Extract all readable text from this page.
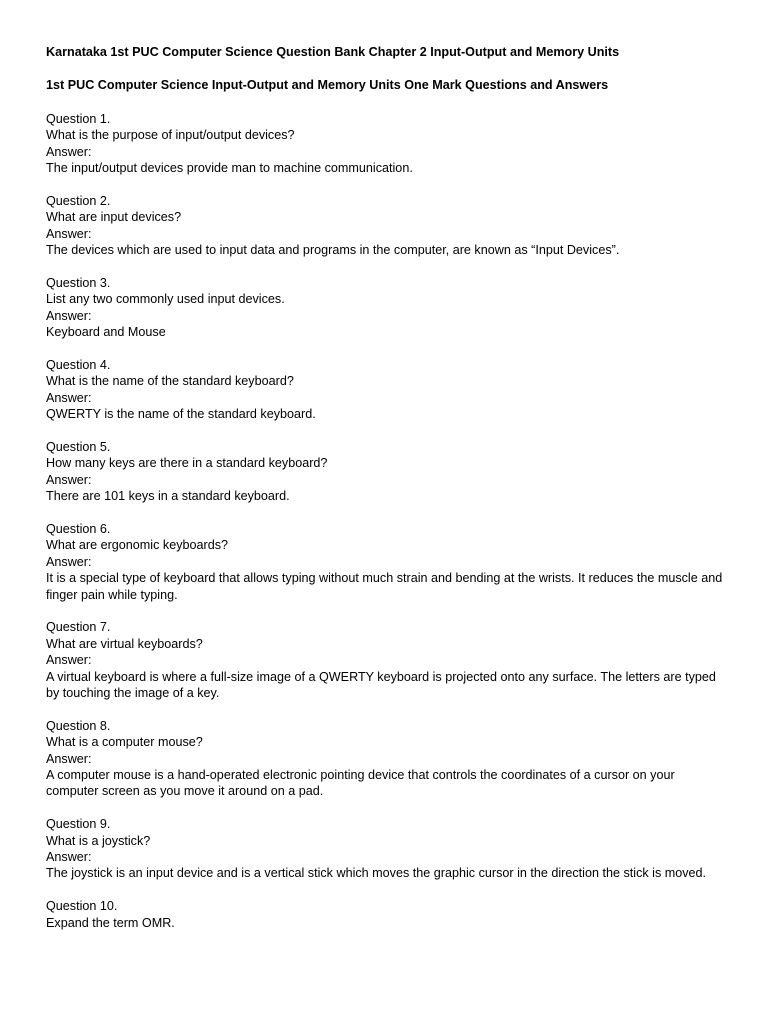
Karnataka 1st PUC Computer Science Question Bank Chapter 2 Input-Output and Memory Units
1st PUC Computer Science Input-Output and Memory Units One Mark Questions and Answers
Question 1.
What is the purpose of input/output devices?
Answer:
The input/output devices provide man to machine communication.
Question 2.
What are input devices?
Answer:
The devices which are used to input data and programs in the computer, are known as “Input Devices”.
Question 3.
List any two commonly used input devices.
Answer:
Keyboard and Mouse
Question 4.
What is the name of the standard keyboard?
Answer:
QWERTY is the name of the standard keyboard.
Question 5.
How many keys are there in a standard keyboard?
Answer:
There are 101 keys in a standard keyboard.
Question 6.
What are ergonomic keyboards?
Answer:
It is a special type of keyboard that allows typing without much strain and bending at the wrists. It reduces the muscle and finger pain while typing.
Question 7.
What are virtual keyboards?
Answer:
A virtual keyboard is where a full-size image of a QWERTY keyboard is projected onto any surface. The letters are typed by touching the image of a key.
Question 8.
What is a computer mouse?
Answer:
A computer mouse is a hand-operated electronic pointing device that controls the coordinates of a cursor on your computer screen as you move it around on a pad.
Question 9.
What is a joystick?
Answer:
The joystick is an input device and is a vertical stick which moves the graphic cursor in the direction the stick is moved.
Question 10.
Expand the term OMR.
